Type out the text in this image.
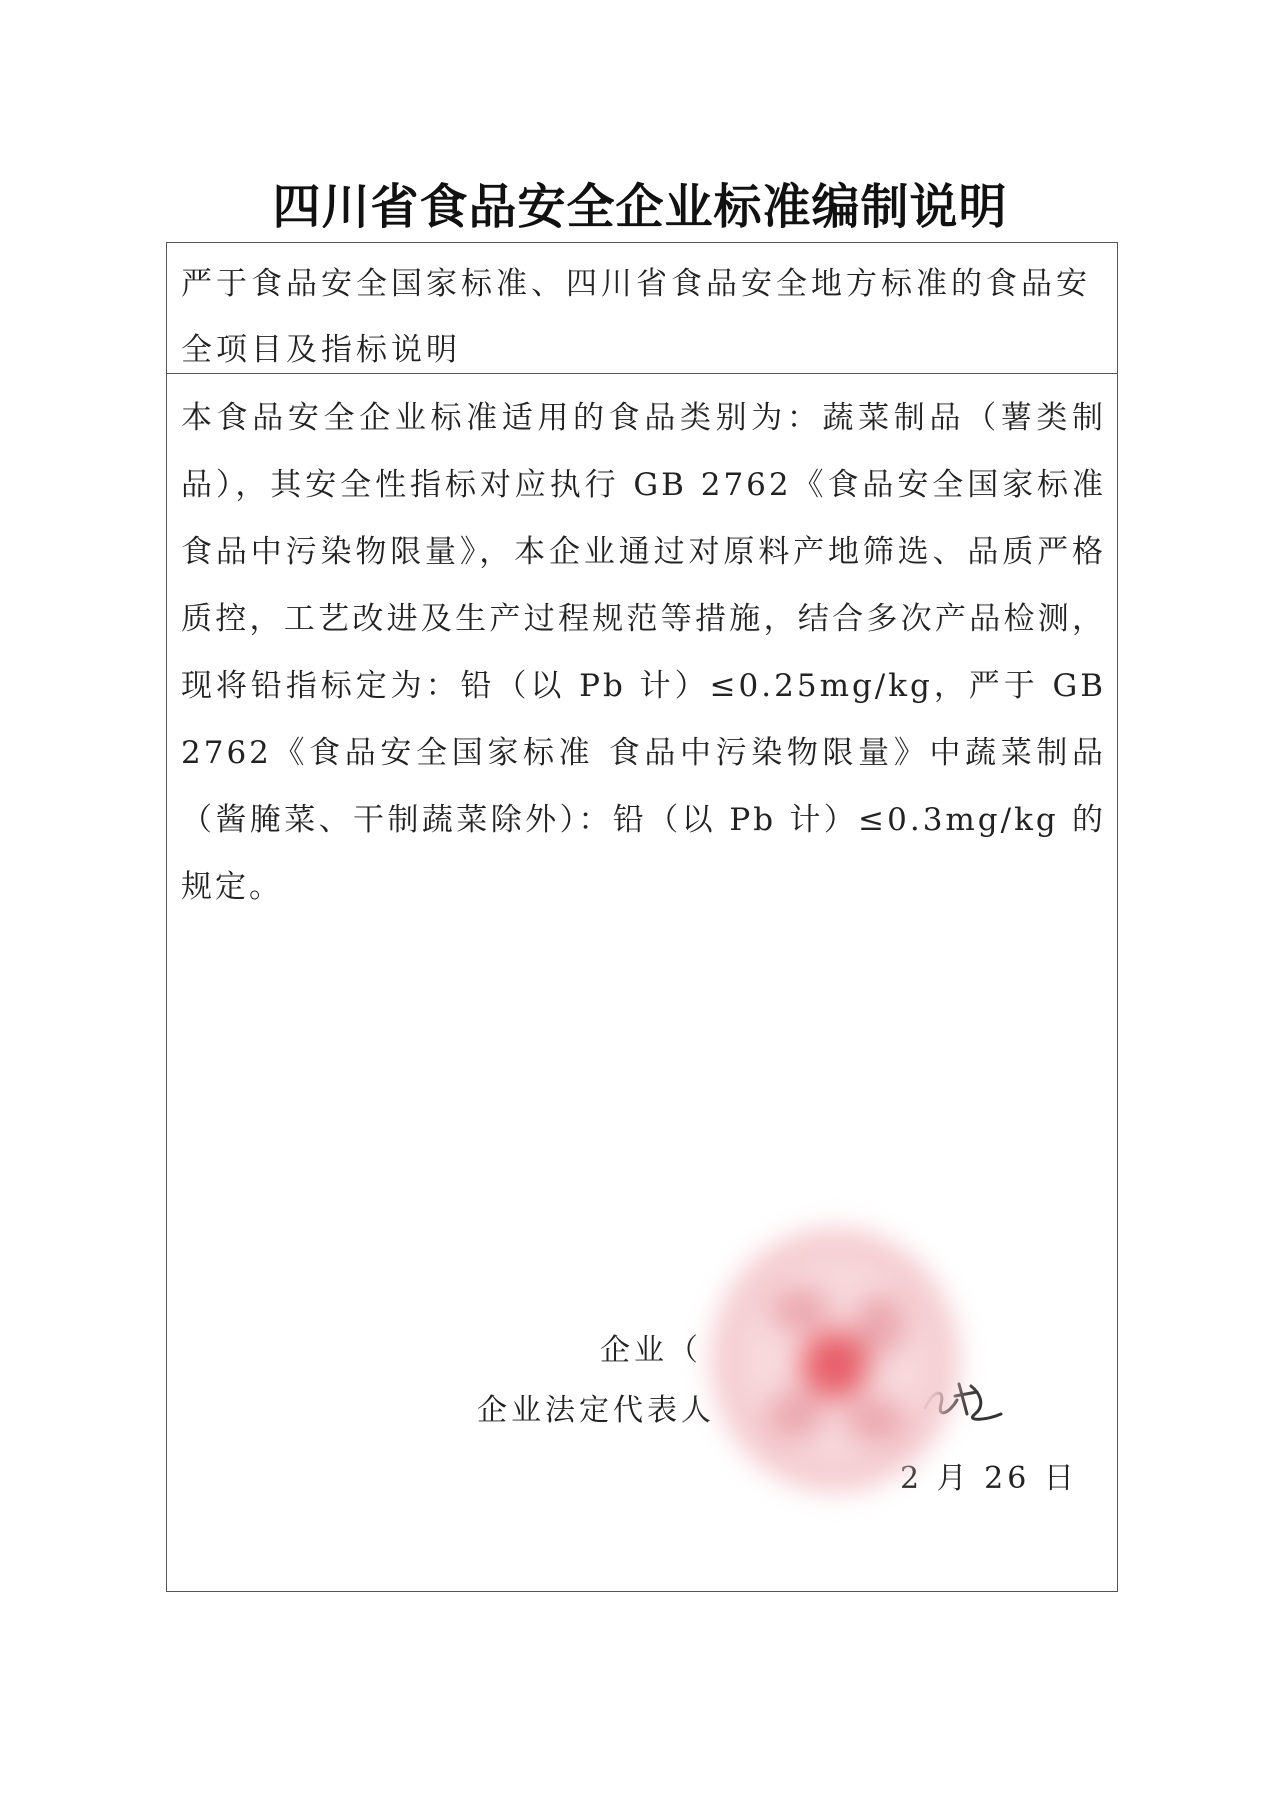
四川省食品安全企业标准编制说明
严于食品安全国家标准、四川省食品安全地方标准的食品安全项目及指标说明
本食品安全企业标准适用的食品类别为：蔬菜制品（薯类制品），其安全性指标对应执行 GB 2762《食品安全国家标准 食品中污染物限量》，本企业通过对原料产地筛选、品质严格质控，工艺改进及生产过程规范等措施，结合多次产品检测，现将铅指标定为：铅（以 Pb 计）≤0.25mg/kg，严于 GB 2762《食品安全国家标准 食品中污染物限量》中蔬菜制品（酱腌菜、干制蔬菜除外）：铅（以 Pb 计）≤0.3mg/kg 的规定。
企业（
企业法定代表人
2 月 26 日
